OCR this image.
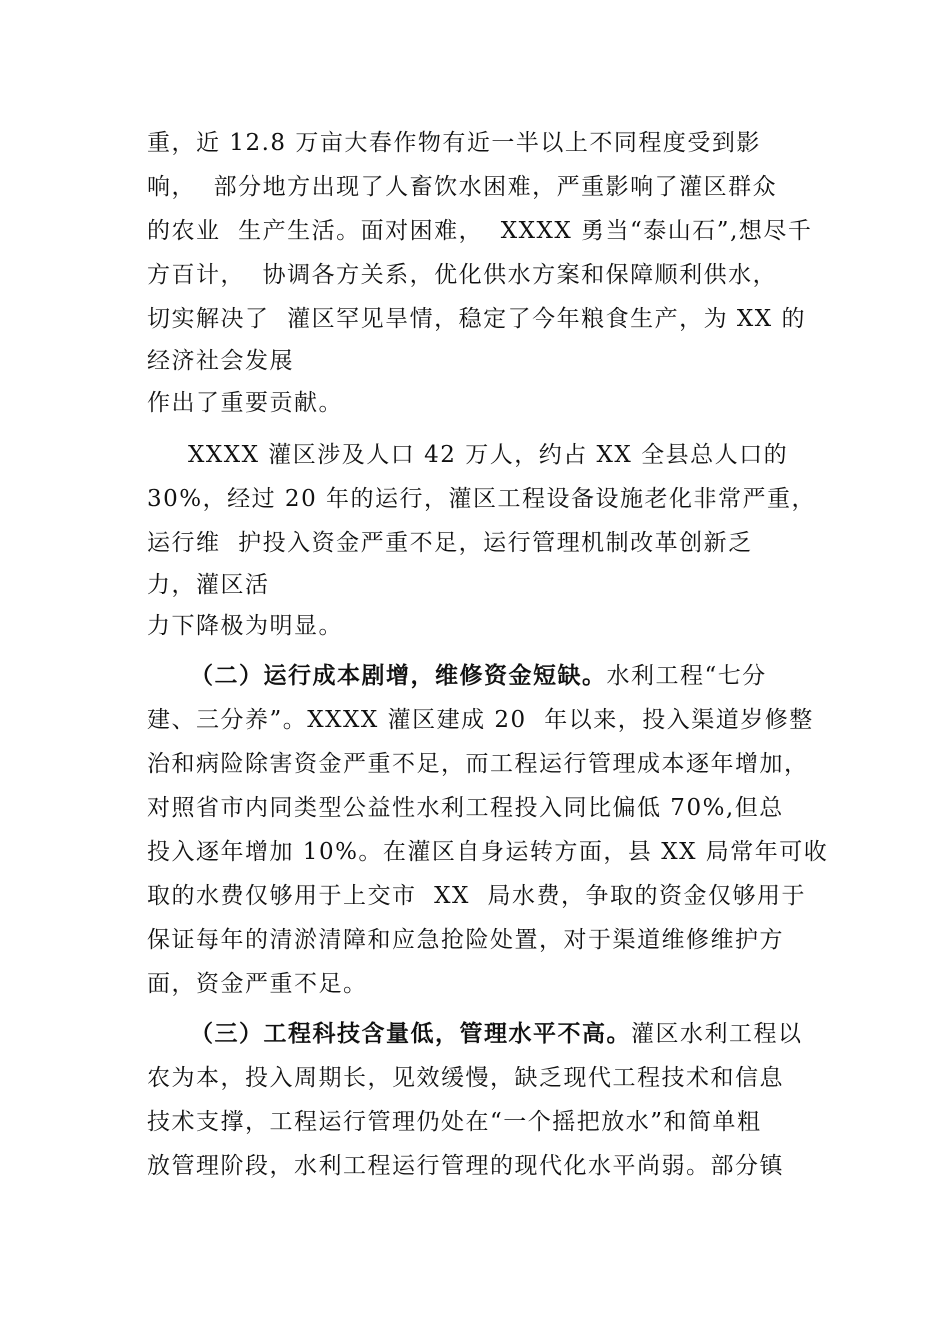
重，近 12.8 万亩大春作物有近一半以上不同程度受到影
响，  部分地方出现了人畜饮水困难，严重影响了灌区群众
的农业  生产生活。面对困难，  XXXX 勇当“泰山石”,想尽千
方百计，  协调各方关系，优化供水方案和保障顺利供水，
切实解决了  灌区罕见旱情，稳定了今年粮食生产，为 XX 的
经济社会发展
作出了重要贡献。
XXXX 灌区涉及人口 42 万人，约占 XX 全县总人口的
30%，经过 20 年的运行，灌区工程设备设施老化非常严重，
运行维  护投入资金严重不足，运行管理机制改革创新乏
力，灌区活
力下降极为明显。
（二）运行成本剧增，维修资金短缺。水利工程“七分
建、三分养”。XXXX 灌区建成 20  年以来，投入渠道岁修整
治和病险除害资金严重不足，而工程运行管理成本逐年增加，
对照省市内同类型公益性水利工程投入同比偏低 70%,但总
投入逐年增加 10%。在灌区自身运转方面，县 XX 局常年可收
取的水费仅够用于上交市  XX  局水费，争取的资金仅够用于
保证每年的清淤清障和应急抢险处置，对于渠道维修维护方
面，资金严重不足。
（三）工程科技含量低，管理水平不高。灌区水利工程以
农为本，投入周期长，见效缓慢，缺乏现代工程技术和信息
技术支撑，工程运行管理仍处在“一个摇把放水”和简单粗
放管理阶段，水利工程运行管理的现代化水平尚弱。部分镇
